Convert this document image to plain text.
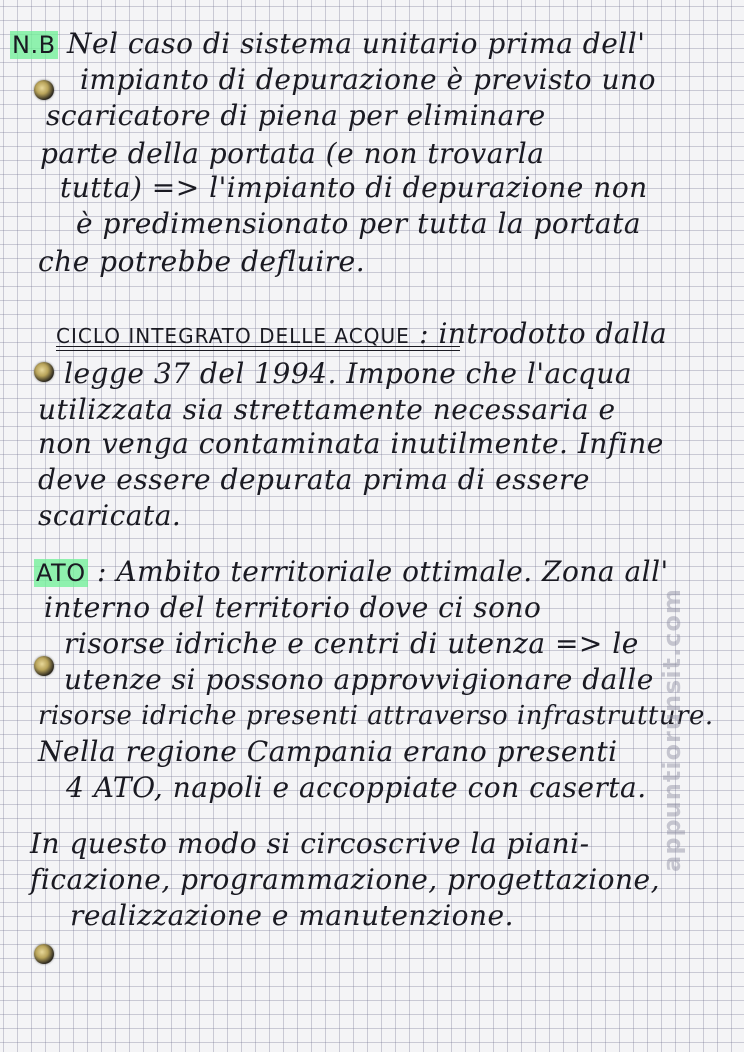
N.B Nel caso di sistema unitario prima dell'
impianto di depurazione è previsto uno
scaricatore di piena per eliminare
parte della portata (e non trovarla
tutta) => l'impianto di depurazione non
è predimensionato per tutta la portata
che potrebbe defluire.
CICLO INTEGRATO DELLE ACQUE : introdotto dalla
legge 37 del 1994. Impone che l'acqua
utilizzata sia strettamente necessaria e
non venga contaminata inutilmente. Infine
deve essere depurata prima di essere
scaricata.
ATO : Ambito territoriale ottimale. Zona all'
interno del territorio dove ci sono
risorse idriche e centri di utenza => le
utenze si possono approvvigionare dalle
risorse idriche presenti attraverso infrastrutture.
Nella regione Campania erano presenti
4 ATO, napoli e accoppiate con caserta.
In questo modo si circoscrive la piani-
ficazione, programmazione, progettazione,
realizzazione e manutenzione.
appuntiorunsit.com
